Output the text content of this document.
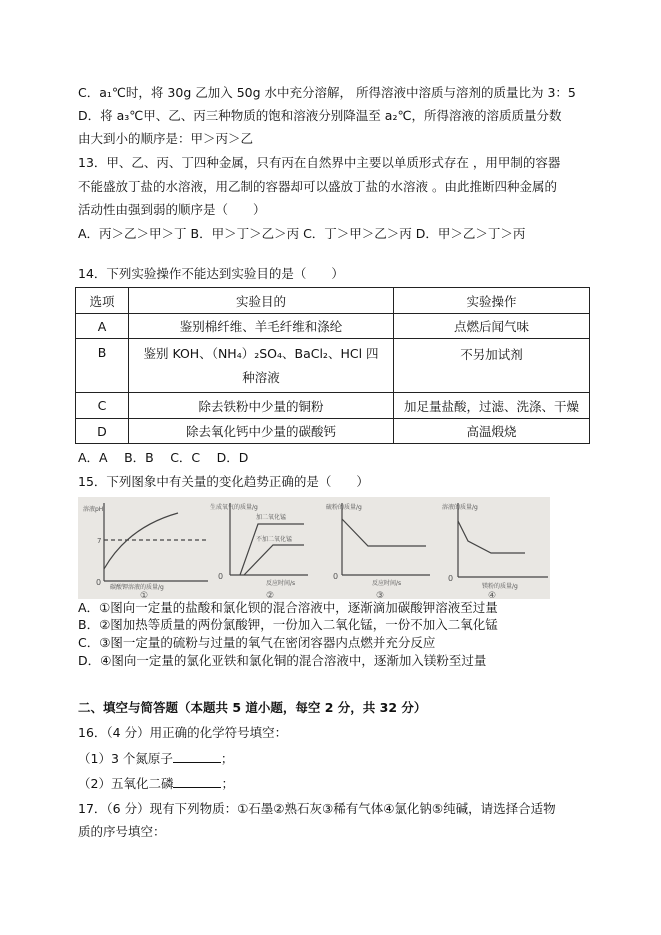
C．a₁℃时，将 30g 乙加入 50g 水中充分溶解， 所得溶液中溶质与溶剂的质量比为 3：5
D．将 a₃℃甲、乙、丙三种物质的饱和溶液分别降温至 a₂℃，所得溶液的溶质质量分数
由大到小的顺序是：甲＞丙＞乙
13．甲、乙、丙、丁四种金属，只有丙在自然界中主要以单质形式存在 ，用甲制的容器
不能盛放丁盐的水溶液，用乙制的容器却可以盛放丁盐的水溶液 。由此推断四种金属的
活动性由强到弱的顺序是（　　）
A．丙＞乙＞甲＞丁 B．甲＞丁＞乙＞丙 C．丁＞甲＞乙＞丙 D．甲＞乙＞丁＞丙
14．下列实验操作不能达到实验目的是（　　）
选项	实验目的	实验操作
A	鉴别棉纤维、羊毛纤维和涤纶	点燃后闻气味
B	鉴别 KOH、（NH₄）₂SO₄、BaCl₂、HCl 四种溶液	不另加试剂
C	除去铁粉中少量的铜粉	加足量盐酸，过滤、洗涤、干燥
D	除去氧化钙中少量的碳酸钙	高温煅烧
A．A　 B．B　 C．C　 D．D
15．下列图象中有关量的变化趋势正确的是（　　）
溶液pH
7
0
碳酸钾溶液的质量/g
①
生成氧气的质量/g
加二氧化锰
不加二氧化锰
0
反应时间/s
②
硫粉的质量/g
0
反应时间/s
③
溶液的质量/g
0
镁粉的质量/g
④
A．①图向一定量的盐酸和氯化钡的混合溶液中，逐渐滴加碳酸钾溶液至过量
B．②图加热等质量的两份氯酸钾，一份加入二氧化锰，一份不加入二氧化锰
C．③图一定量的硫粉与过量的氧气在密闭容器内点燃并充分反应
D．④图向一定量的氯化亚铁和氯化铜的混合溶液中，逐渐加入镁粉至过量
二、填空与简答题（本题共 5 道小题，每空 2 分，共 32 分）
16．（4 分）用正确的化学符号填空：
（1）3 个氮原子	；
（2）五氧化二磷	；
17．（6 分）现有下列物质：①石墨②熟石灰③稀有气体④氯化钠⑤纯碱，请选择合适物
质的序号填空：
